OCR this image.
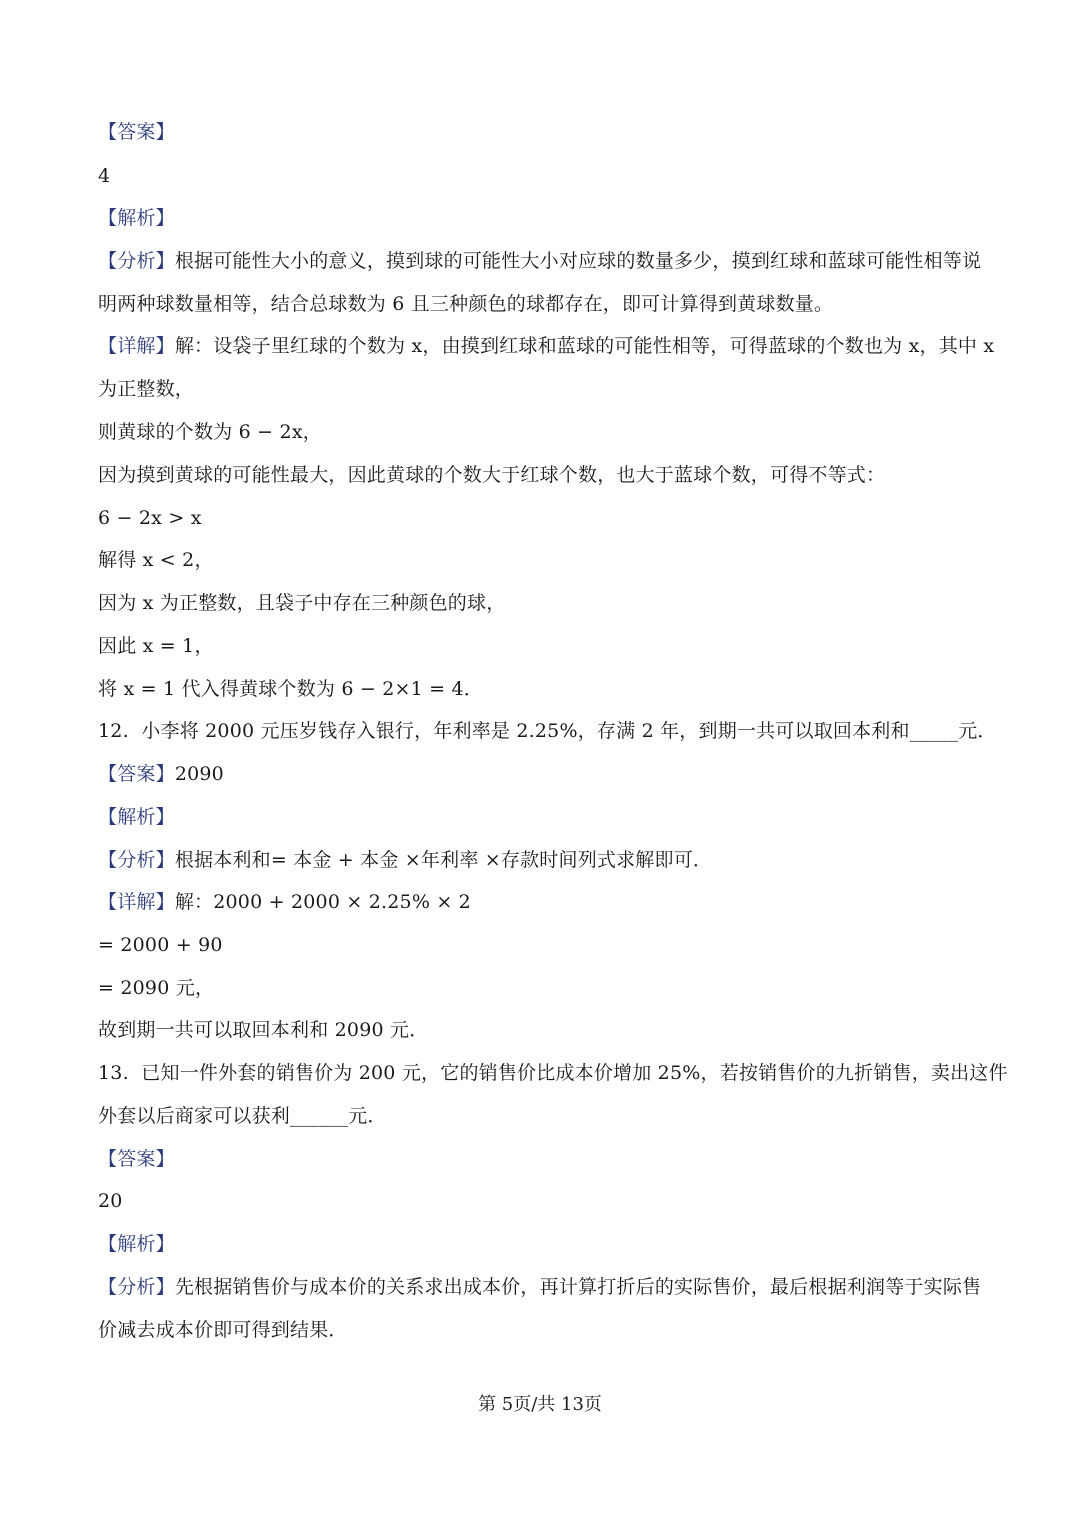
【答案】
4
【解析】
【分析】根据可能性大小的意义，摸到球的可能性大小对应球的数量多少，摸到红球和蓝球可能性相等说
明两种球数量相等，结合总球数为 6 且三种颜色的球都存在，即可计算得到黄球数量。
【详解】解：设袋子里红球的个数为 x，由摸到红球和蓝球的可能性相等，可得蓝球的个数也为 x，其中 x
为正整数，
则黄球的个数为 6 − 2x，
因为摸到黄球的可能性最大，因此黄球的个数大于红球个数，也大于蓝球个数，可得不等式：
6 − 2x > x
解得 x < 2，
因为 x 为正整数，且袋子中存在三种颜色的球，
因此 x = 1，
将 x = 1 代入得黄球个数为 6 − 2×1 = 4．
12.  小李将 2000 元压岁钱存入银行，年利率是 2.25%，存满 2 年，到期一共可以取回本利和_____元．
【答案】2090
【解析】
【分析】根据本利和= 本金 + 本金 ×年利率 ×存款时间列式求解即可．
【详解】解：2000 + 2000 × 2.25% × 2
= 2000 + 90
= 2090 元，
故到期一共可以取回本利和 2090 元．
13.  已知一件外套的销售价为 200 元，它的销售价比成本价增加 25%，若按销售价的九折销售，卖出这件
外套以后商家可以获利______元．
【答案】
20
【解析】
【分析】先根据销售价与成本价的关系求出成本价，再计算打折后的实际售价，最后根据利润等于实际售
价减去成本价即可得到结果．
第 5页/共 13页
